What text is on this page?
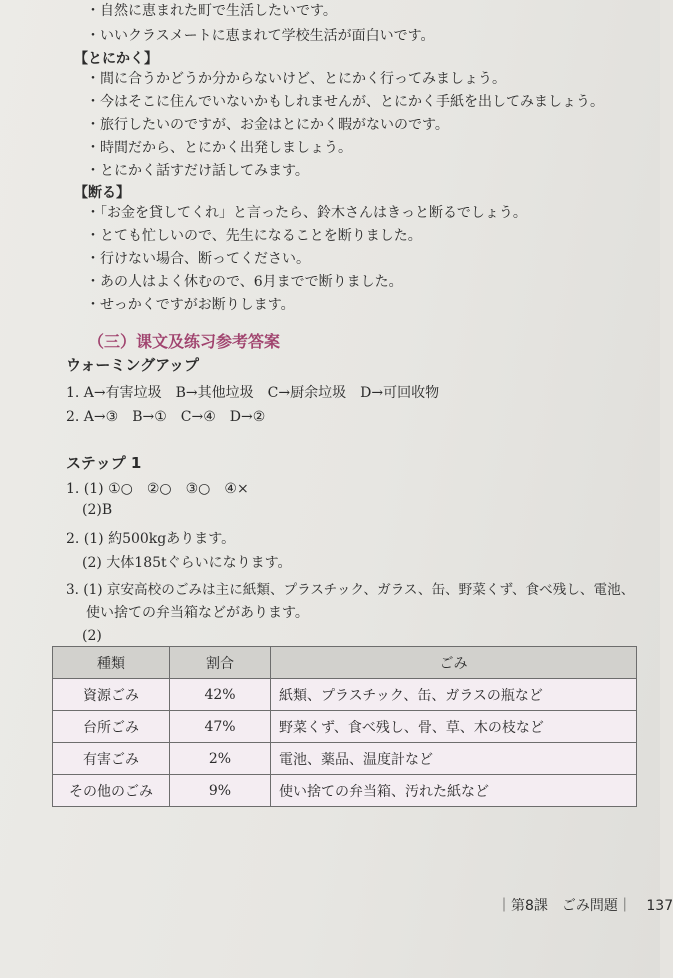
・自然に恵まれた町で生活したいです。
・いいクラスメートに恵まれて学校生活が面白いです。
【とにかく】
・間に合うかどうか分からないけど、とにかく行ってみましょう。
・今はそこに住んでいないかもしれませんが、とにかく手紙を出してみましょう。
・旅行したいのですが、お金はとにかく暇がないのです。
・時間だから、とにかく出発しましょう。
・とにかく話すだけ話してみます。
【断る】
・「お金を貸してくれ」と言ったら、鈴木さんはきっと断るでしょう。
・とても忙しいので、先生になることを断りました。
・行けない場合、断ってください。
・あの人はよく休むので、6月までで断りました。
・せっかくですがお断りします。
（三）课文及练习参考答案
ウォーミングアップ
1. A→有害垃圾　B→其他垃圾　C→厨余垃圾　D→可回收物
2. A→③　B→①　C→④　D→②
ステップ 1
1. (1) ①○　②○　③○　④×
(2)B
2. (1) 約500kgあります。
(2) 大体185tぐらいになります。
3. (1) 京安高校のごみは主に紙類、プラスチック、ガラス、缶、野菜くず、食べ残し、電池、
使い捨ての弁当箱などがあります。
(2)
種類	割合	ごみ
資源ごみ	42%	紙類、プラスチック、缶、ガラスの瓶など
台所ごみ	47%	野菜くず、食べ残し、骨、草、木の枝など
有害ごみ	2%	電池、薬品、温度計など
その他のごみ	9%	使い捨ての弁当箱、汚れた紙など
｜第8課　ごみ問題｜ 137
